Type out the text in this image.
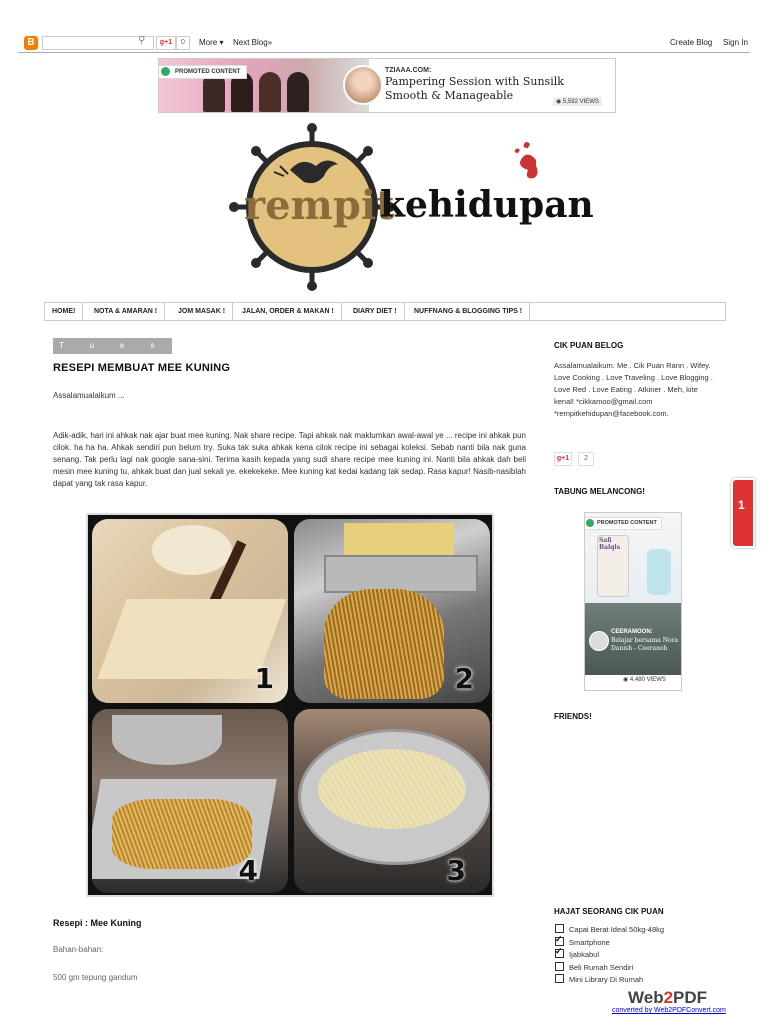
B	⚲	g+1	0	More ▾ Next Blog»	Create Blog Sign In
PROMOTED CONTENT	TZIAAA.COM:
Pampering Session with Sunsilk Smooth & Manageable	◉ 5,592 VIEWS
rempit
kehidupan
HOME!	NOTA & AMARAN !	JOM MASAK !	JALAN, ORDER & MAKAN !	DIARY DIET !	NUFFNANG & BLOGGING TIPS !
Tuesd
RESEPI MEMBUAT MEE KUNING
Assalamualaikum ...
Adik-adik, hari ini ahkak nak ajar buat mee kuning. Nak share recipe. Tapi ahkak nak maklumkan awal-awal ye ... recipe ini ahkak pun cilok. ha ha ha. Ahkak sendiri pun belum try. Suka tak suka ahkak kena cilok recipe ini sebagai koleksi. Sebab nanti bila nak guna senang. Tak perlu lagi nak google sana-sini. Terima kasih kepada yang sudi share recipe mee kuning ini. Nanti bila ahkak dah beli mesin mee kuning tu, ahkak buat dan jual sekali ye. ekekekeke. Mee kuning kat kedai kadang tak sedap. Rasa kapur! Nasib-nasiblah dapat yang tak rasa kapur.
1	2
4	3
Resepi : Mee Kuning
Bahan-bahan:
500 gm tepung gandum
CIK PUAN BELOG
Assalamualaikum. Me . Cik Puan Rann . Wifey. Love Cooking . Love Traveling . Love Blogging . Love Red . Love Eating . Atkiner . Meh, kite kenal! *cikkamoo@gmail.com *rempitkehidupan@facebook.com.
g+1	2
TABUNG MELANCONG!
Safi Balqis
CEERAMOON:
Belajar bersama Nora Danish - Ceeranoh
PROMOTED CONTENT
◉ 4,480 VIEWS
FRIENDS!
HAJAT SEORANG CIK PUAN
Capai Berat Ideal 50kg-48kg
✓Smartphone
✓Ijabkabul
Beli Rumah Sendiri
Mini Library Di Rumah
1
Web2PDF
converted by Web2PDFConvert.com
